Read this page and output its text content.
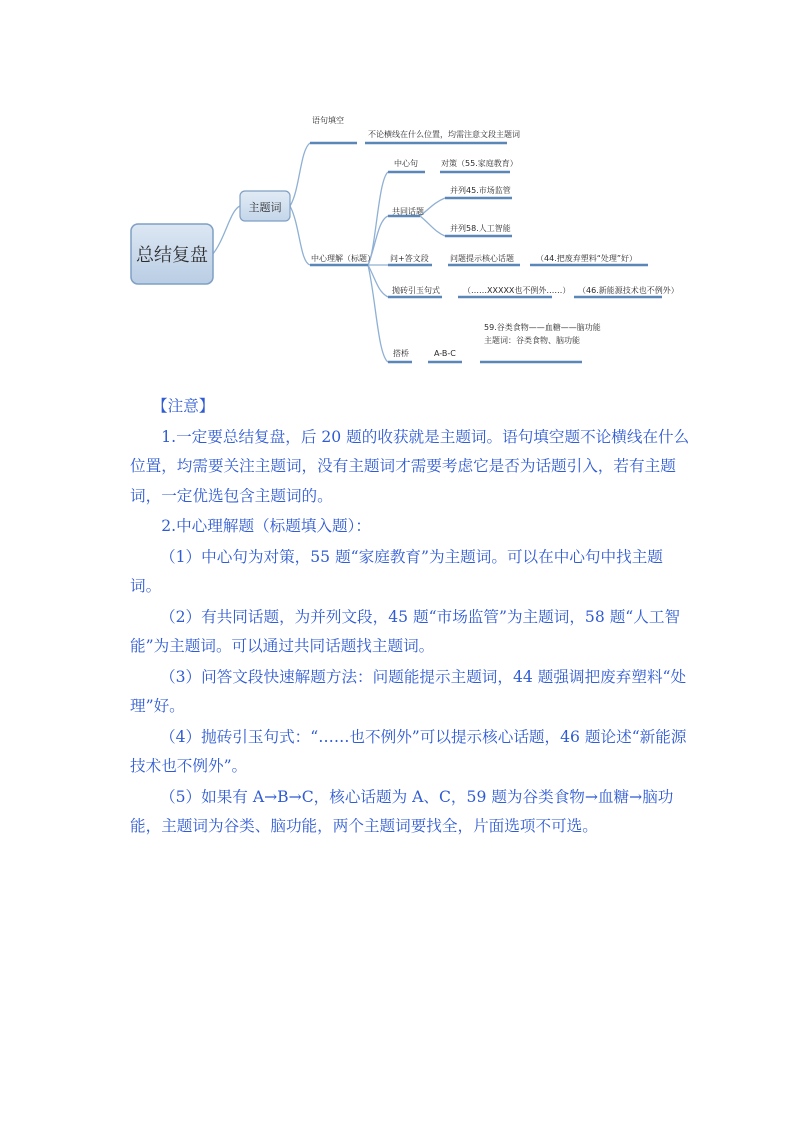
总结复盘
主题词
语句填空
不论横线在什么位置，均需注意文段主题词
中心理解（标题）
中心句	对策（55.家庭教育）
共同话题
并列45.市场监管
并列58.人工智能
问+答文段	问题提示核心话题	（44.把废弃塑料“处理”好）
抛砖引玉句式	（……XXXXX也不例外……） （46.新能源技术也不例外）
搭桥	A-B-C
59.谷类食物——血糖——脑功能
主题词：谷类食物、脑功能

【注意】

1.一定要总结复盘，后 20 题的收获就是主题词。语句填空题不论横线在什么位置，均需要关注主题词，没有主题词才需要考虑它是否为话题引入，若有主题词，一定优选包含主题词的。

2.中心理解题（标题填入题）：

（1）中心句为对策，55 题“家庭教育”为主题词。可以在中心句中找主题词。

（2）有共同话题，为并列文段，45 题“市场监管”为主题词，58 题“人工智能”为主题词。可以通过共同话题找主题词。

（3）问答文段快速解题方法：问题能提示主题词，44 题强调把废弃塑料“处理”好。

（4）抛砖引玉句式：“……也不例外”可以提示核心话题，46 题论述“新能源技术也不例外”。

（5）如果有 A→B→C，核心话题为 A、C，59 题为谷类食物→血糖→脑功能，主题词为谷类、脑功能，两个主题词要找全，片面选项不可选。
